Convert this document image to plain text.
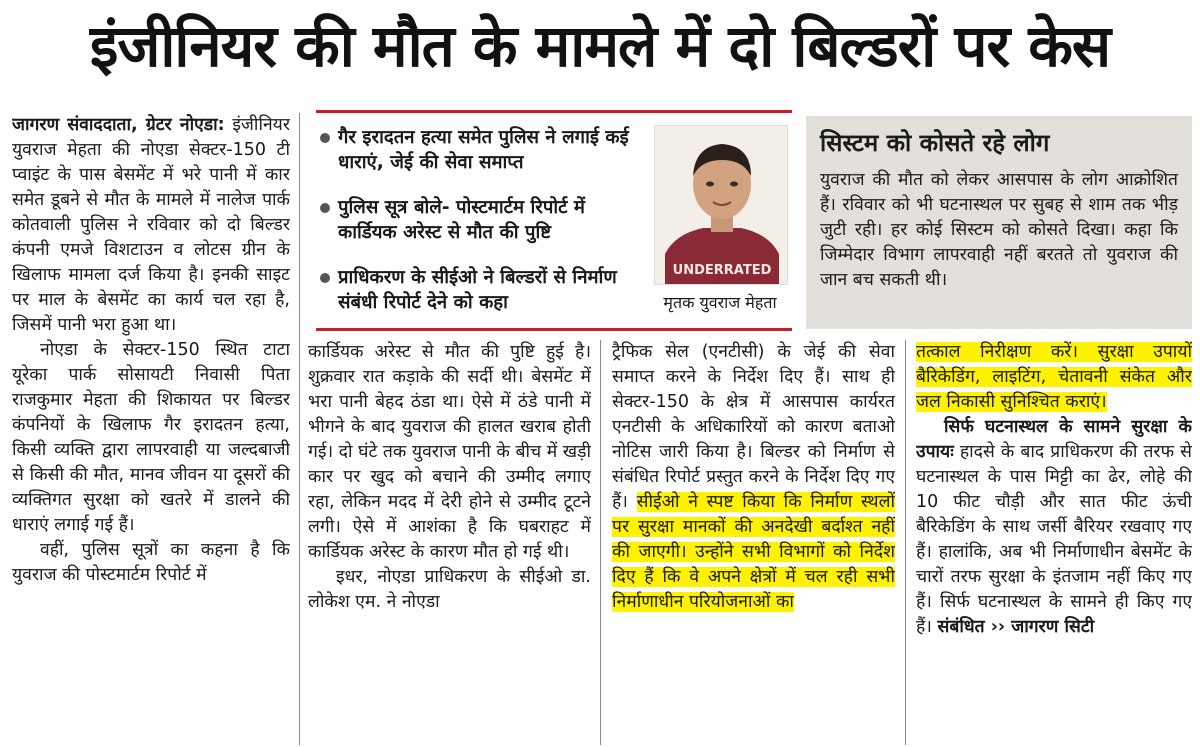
इंजीनियर की मौत के मामले में दो बिल्डरों पर केस

जागरण संवाददाता, ग्रेटर नोएडा: इंजीनियर युवराज मेहता की नोएडा सेक्टर-150 टी प्वाइंट के पास बेसमेंट में भरे पानी में कार समेत डूबने से मौत के मामले में नालेज पार्क कोतवाली पुलिस ने रविवार को दो बिल्डर कंपनी एमजे विशटाउन व लोटस ग्रीन के खिलाफ मामला दर्ज किया है। इनकी साइट पर माल के बेसमेंट का कार्य चल रहा है, जिसमें पानी भरा हुआ था।

नोएडा के सेक्टर-150 स्थित टाटा यूरेका पार्क सोसायटी निवासी पिता राजकुमार मेहता की शिकायत पर बिल्डर कंपनियों के खिलाफ गैर इरादतन हत्या, किसी व्यक्ति द्वारा लापरवाही या जल्दबाजी से किसी की मौत, मानव जीवन या दूसरों की व्यक्तिगत सुरक्षा को खतरे में डालने की धाराएं लगाई गई हैं।

वहीं, पुलिस सूत्रों का कहना है कि युवराज की पोस्टमार्टम रिपोर्ट में

गैर इरादतन हत्या समेत पुलिस ने लगाई कई धाराएं, जेई की सेवा समाप्त
पुलिस सूत्र बोले- पोस्टमार्टम रिपोर्ट में कार्डियक अरेस्ट से मौत की पुष्टि
प्राधिकरण के सीईओ ने बिल्डरों से निर्माण संबंधी रिपोर्ट देने को कहा
UNDERRATED
मृतक युवराज मेहता
सिस्टम को कोसते रहे लोग
युवराज की मौत को लेकर आसपास के लोग आक्रोशित हैं। रविवार को भी घटनास्थल पर सुबह से शाम तक भीड़ जुटी रही। हर कोई सिस्टम को कोसते दिखा। कहा कि जिम्मेदार विभाग लापरवाही नहीं बरतते तो युवराज की जान बच सकती थी।

कार्डियक अरेस्ट से मौत की पुष्टि हुई है। शुक्रवार रात कड़ाके की सर्दी थी। बेसमेंट में भरा पानी बेहद ठंडा था। ऐसे में ठंडे पानी में भीगने के बाद युवराज की हालत खराब होती गई। दो घंटे तक युवराज पानी के बीच में खड़ी कार पर खुद को बचाने की उम्मीद लगाए रहा, लेकिन मदद में देरी होने से उम्मीद टूटने लगी। ऐसे में आशंका है कि घबराहट में कार्डियक अरेस्ट के कारण मौत हो गई थी।

इधर, नोएडा प्राधिकरण के सीईओ डा. लोकेश एम. ने नोएडा

ट्रैफिक सेल (एनटीसी) के जेई की सेवा समाप्त करने के निर्देश दिए हैं। साथ ही सेक्टर-150 के क्षेत्र में आसपास कार्यरत एनटीसी के अधिकारियों को कारण बताओ नोटिस जारी किया है। बिल्डर को निर्माण से संबंधित रिपोर्ट प्रस्तुत करने के निर्देश दिए गए हैं। सीईओ ने स्पष्ट किया कि निर्माण स्थलों पर सुरक्षा मानकों की अनदेखी बर्दाश्त नहीं की जाएगी। उन्होंने सभी विभागों को निर्देश दिए हैं कि वे अपने क्षेत्रों में चल रही सभी निर्माणाधीन परियोजनाओं का

तत्काल निरीक्षण करें। सुरक्षा उपायों बैरिकेडिंग, लाइटिंग, चेतावनी संकेत और जल निकासी सुनिश्चित कराएं।

सिर्फ घटनास्थल के सामने सुरक्षा के उपायः हादसे के बाद प्राधिकरण की तरफ से घटनास्थल के पास मिट्टी का ढेर, लोहे की 10 फीट चौड़ी और सात फीट ऊंची बैरिकेडिंग के साथ जर्सी बैरियर रखवाए गए हैं। हालांकि, अब भी निर्माणाधीन बेसमेंट के चारों तरफ सुरक्षा के इंतजाम नहीं किए गए हैं। सिर्फ घटनास्थल के सामने ही किए गए हैं। संबंधित ›› जागरण सिटी
